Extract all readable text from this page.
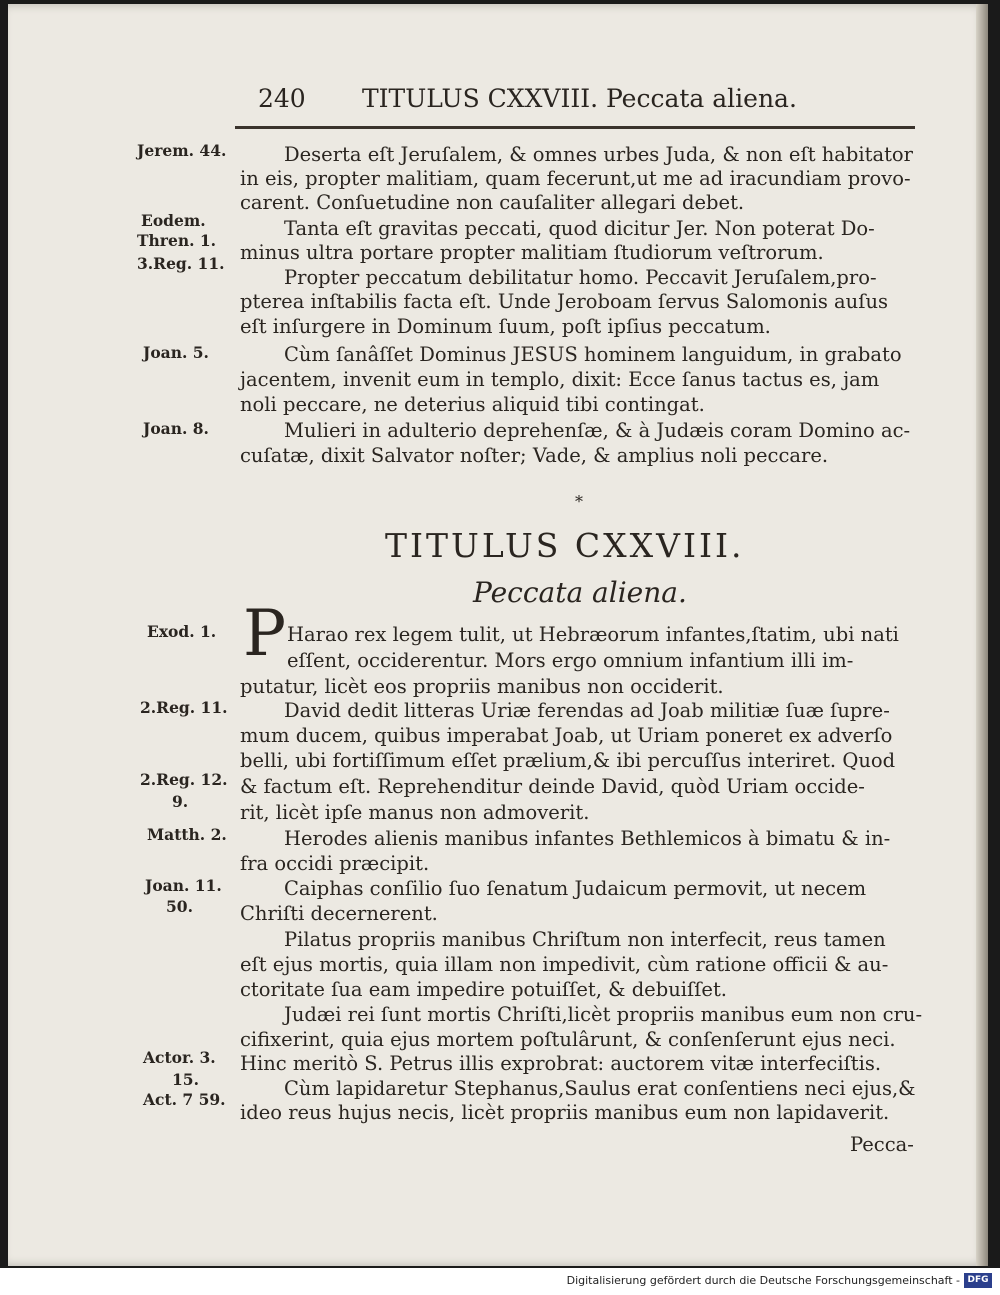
240 TITULUS CXXVIII. Peccata aliena.
Deserta eſt Jeruſalem, & omnes urbes Juda, & non eſt habitator
in eis, propter malitiam, quam fecerunt,ut me ad iracundiam provo-
carent. Conſuetudine non cauſaliter allegari debet.
Tanta eſt gravitas peccati, quod dicitur Jer. Non poterat Do-
minus ultra portare propter malitiam ſtudiorum veſtrorum.
Propter peccatum debilitatur homo. Peccavit Jeruſalem,pro-
pterea inſtabilis facta eſt. Unde Jeroboam ſervus Salomonis auſus
eſt inſurgere in Dominum ſuum, poſt ipſius peccatum.
Cùm ſanâſſet Dominus JESUS hominem languidum, in grabato
jacentem, invenit eum in templo, dixit: Ecce ſanus tactus es, jam
noli peccare, ne deterius aliquid tibi contingat.
Mulieri in adulterio deprehenſæ, & à Judæis coram Domino ac-
cuſatæ, dixit Salvator noſter; Vade, & amplius noli peccare.
Jerem. 44.
Eodem.
Thren. 1.
3.Reg. 11.
Joan. 5.
Joan. 8.
*
TITULUS CXXVIII.
Peccata aliena.
P Harao rex legem tulit, ut Hebræorum infantes,ſtatim, ubi nati
eſſent, occiderentur. Mors ergo omnium infantium illi im-
putatur, licèt eos propriis manibus non occiderit.
David dedit litteras Uriæ ferendas ad Joab militiæ ſuæ ſupre-
mum ducem, quibus imperabat Joab, ut Uriam poneret ex adverſo
belli, ubi fortiſſimum eſſet prælium,& ibi percuſſus interiret. Quod
& factum eſt. Reprehenditur deinde David, quòd Uriam occide-
rit, licèt ipſe manus non admoverit.
Herodes alienis manibus infantes Bethlemicos à bimatu & in-
fra occidi præcipit.
Caiphas conſilio ſuo ſenatum Judaicum permovit, ut necem
Chriſti decernerent.
Pilatus propriis manibus Chriſtum non interfecit, reus tamen
eſt ejus mortis, quia illam non impedivit, cùm ratione officii & au-
ctoritate ſua eam impedire potuiſſet, & debuiſſet.
Judæi rei ſunt mortis Chriſti,licèt propriis manibus eum non cru-
cifixerint, quia ejus mortem poſtulârunt, & conſenſerunt ejus neci.
Hinc meritò S. Petrus illis exprobrat: auctorem vitæ interfeciſtis.
Cùm lapidaretur Stephanus,Saulus erat conſentiens neci ejus,&
ideo reus hujus necis, licèt propriis manibus eum non lapidaverit.
Exod. 1.
2.Reg. 11.
2.Reg. 12.
9.
Matth. 2.
Joan. 11.
50.
Actor. 3.
15.
Act. 7 59.
Pecca-
Digitalisierung gefördert durch die Deutsche Forschungsgemeinschaft - DFG
